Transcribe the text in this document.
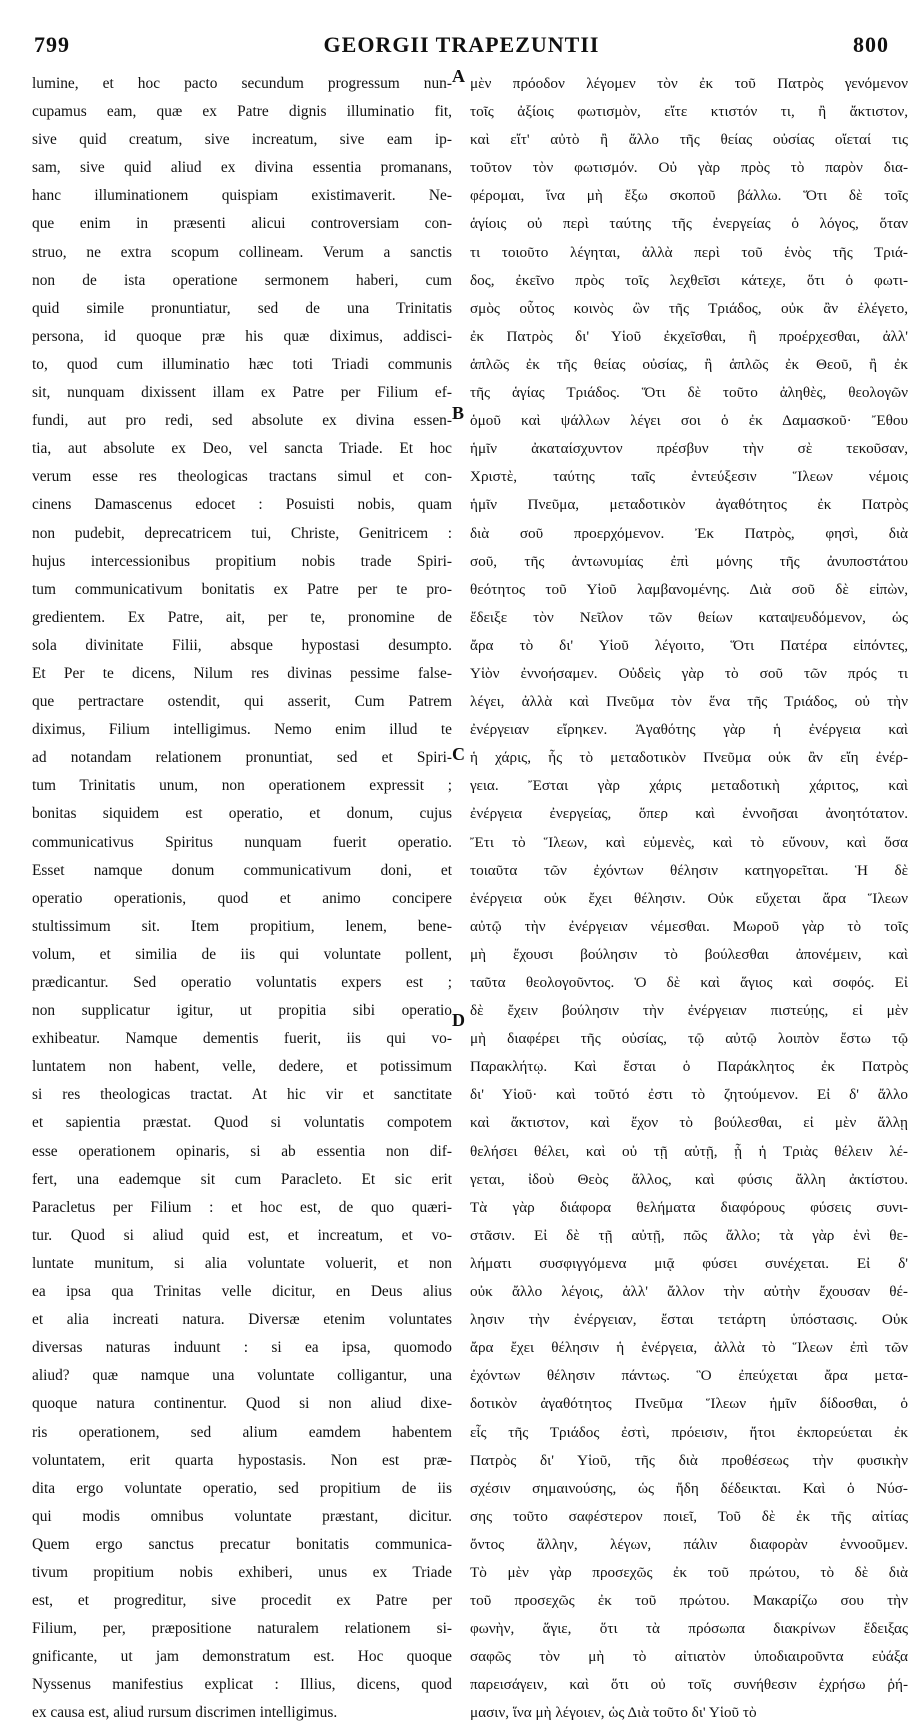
799	GEORGII TRAPEZUNTII	800
lumine, et hoc pacto secundum progressum nun-
cupamus eam, quæ ex Patre dignis illuminatio fit,
sive quid creatum, sive increatum, sive eam ip-
sam, sive quid aliud ex divina essentia promanans,
hanc illuminationem quispiam existimaverit. Ne-
que enim in præsenti alicui controversiam con-
struo, ne extra scopum collineam. Verum a sanctis
non de ista operatione sermonem haberi, cum
quid simile pronuntiatur, sed de una Trinitatis
persona, id quoque præ his quæ diximus, addisci-
to, quod cum illuminatio hæc toti Triadi communis
sit, nunquam dixissent illam ex Patre per Filium ef-
fundi, aut pro redi, sed absolute ex divina essen-
tia, aut absolute ex Deo, vel sancta Triade. Et hoc
verum esse res theologicas tractans simul et con-
cinens Damascenus edocet : Posuisti nobis, quam
non pudebit, deprecatricem tui, Christe, Genitricem :
hujus intercessionibus propitium nobis trade Spiri-
tum communicativum bonitatis ex Patre per te pro-
gredientem. Ex Patre, ait, per te, pronomine de
sola divinitate Filii, absque hypostasi desumpto.
Et Per te dicens, Nilum res divinas pessime false-
que pertractare ostendit, qui asserit, Cum Patrem
diximus, Filium intelligimus. Nemo enim illud te
ad notandam relationem pronuntiat, sed et Spiri-
tum Trinitatis unum, non operationem expressit ;
bonitas siquidem est operatio, et donum, cujus
communicativus Spiritus nunquam fuerit operatio.
Esset namque donum communicativum doni, et
operatio operationis, quod et animo concipere
stultissimum sit. Item propitium, lenem, bene-
volum, et similia de iis qui voluntate pollent,
prædicantur. Sed operatio voluntatis expers est ;
non supplicatur igitur, ut propitia sibi operatio
exhibeatur. Namque dementis fuerit, iis qui vo-
luntatem non habent, velle, dedere, et potissimum
si res theologicas tractat. At hic vir et sanctitate
et sapientia præstat. Quod si voluntatis compotem
esse operationem opinaris, si ab essentia non dif-
fert, una eademque sit cum Paracleto. Et sic erit
Paracletus per Filium : et hoc est, de quo quæri-
tur. Quod si aliud quid est, et increatum, et vo-
luntate munitum, si alia voluntate voluerit, et non
ea ipsa qua Trinitas velle dicitur, en Deus alius
et alia increati natura. Diversæ etenim voluntates
diversas naturas induunt : si ea ipsa, quomodo
aliud? quæ namque una voluntate colligantur, una
quoque natura continentur. Quod si non aliud dixe-
ris operationem, sed alium eamdem habentem
voluntatem, erit quarta hypostasis. Non est præ-
dita ergo voluntate operatio, sed propitium de iis
qui modis omnibus voluntate præstant, dicitur.
Quem ergo sanctus precatur bonitatis communica-
tivum propitium nobis exhiberi, unus ex Triade
est, et progreditur, sive procedit ex Patre per
Filium, per, præpositione naturalem relationem si-
gnificante, ut jam demonstratum est. Hoc quoque
Nyssenus manifestius explicat : Illius, dicens, quod
ex causa est, aliud rursum discrimen intelligimus.
A
B
C
D
μὲν πρόοδον λέγομεν τὸν ἐκ τοῦ Πατρὸς γενόμενον
τοῖς ἀξίοις φωτισμὸν, εἴτε κτιστόν τι, ἢ ἄκτιστον,
καὶ εἴτ' αὐτὸ ἢ ἄλλο τῆς θείας οὐσίας οἴεταί τις
τοῦτον τὸν φωτισμόν. Οὐ γὰρ πρὸς τὸ παρὸν δια-
φέρομαι, ἵνα μὴ ἔξω σκοποῦ βάλλω. Ὅτι δὲ τοῖς
ἁγίοις οὐ περὶ ταύτης τῆς ἐνεργείας ὁ λόγος, ὅταν
τι τοιοῦτο λέγηται, ἀλλὰ περὶ τοῦ ἑνὸς τῆς Τριά-
δος, ἐκεῖνο πρὸς τοῖς λεχθεῖσι κάτεχε, ὅτι ὁ φωτι-
σμὸς οὗτος κοινὸς ὢν τῆς Τριάδος, οὐκ ἂν ἐλέγετο,
ἐκ Πατρὸς δι' Υἱοῦ ἐκχεῖσθαι, ἢ προέρχεσθαι, ἀλλ'
ἁπλῶς ἐκ τῆς θείας οὐσίας, ἢ ἁπλῶς ἐκ Θεοῦ, ἢ ἐκ
τῆς ἁγίας Τριάδος. Ὅτι δὲ τοῦτο ἀληθὲς, θεολογῶν
ὁμοῦ καὶ ψάλλων λέγει σοι ὁ ἐκ Δαμασκοῦ· Ἔθου
ἡμῖν ἀκαταίσχυντον πρέσβυν τὴν σὲ τεκοῦσαν,
Χριστὲ, ταύτης ταῖς ἐντεύξεσιν Ἵλεων νέμοις
ἡμῖν Πνεῦμα, μεταδοτικὸν ἀγαθότητος ἐκ Πατρὸς
διὰ σοῦ προερχόμενον. Ἐκ Πατρὸς, φησὶ, διὰ
σοῦ, τῆς ἀντωνυμίας ἐπὶ μόνης τῆς ἀνυποστάτου
θεότητος τοῦ Υἱοῦ λαμβανομένης. Διὰ σοῦ δὲ εἰπὼν,
ἔδειξε τὸν Νεῖλον τῶν θείων καταψευδόμενον, ὡς
ἄρα τὸ δι' Υἱοῦ λέγοιτο, Ὅτι Πατέρα εἰπόντες,
Υἱὸν ἐννοήσαμεν. Οὐδεὶς γὰρ τὸ σοῦ τῶν πρός τι
λέγει, ἀλλὰ καὶ Πνεῦμα τὸν ἕνα τῆς Τριάδος, οὐ τὴν
ἐνέργειαν εἴρηκεν. Ἀγαθότης γὰρ ἡ ἐνέργεια καὶ
ἡ χάρις, ἧς τὸ μεταδοτικὸν Πνεῦμα οὐκ ἂν εἴη ἐνέρ-
γεια. Ἔσται γὰρ χάρις μεταδοτικὴ χάριτος, καὶ
ἐνέργεια ἐνεργείας, ὅπερ καὶ ἐννοῆσαι ἀνοητότατον.
Ἔτι τὸ Ἵλεων, καὶ εὐμενὲς, καὶ τὸ εὔνουν, καὶ ὅσα
τοιαῦτα τῶν ἐχόντων θέλησιν κατηγορεῖται. Ἡ δὲ
ἐνέργεια οὐκ ἔχει θέλησιν. Οὐκ εὔχεται ἄρα Ἵλεων
αὐτῷ τὴν ἐνέργειαν νέμεσθαι. Μωροῦ γὰρ τὸ τοῖς
μὴ ἔχουσι βούλησιν τὸ βούλεσθαι ἀπονέμειν, καὶ
ταῦτα θεολογοῦντος. Ὁ δὲ καὶ ἅγιος καὶ σοφός. Εἰ
δὲ ἔχειν βούλησιν τὴν ἐνέργειαν πιστεύῃς, εἰ μὲν
μὴ διαφέρει τῆς οὐσίας, τῷ αὐτῷ λοιπὸν ἔστω τῷ
Παρακλήτῳ. Καὶ ἔσται ὁ Παράκλητος ἐκ Πατρὸς
δι' Υἱοῦ· καὶ τοῦτό ἐστι τὸ ζητούμενον. Εἰ δ' ἄλλο
καὶ ἄκτιστον, καὶ ἔχον τὸ βούλεσθαι, εἰ μὲν ἄλλῃ
θελήσει θέλει, καὶ οὐ τῇ αὐτῇ, ᾗ ἡ Τριὰς θέλειν λέ-
γεται, ἰδοὺ Θεὸς ἄλλος, καὶ φύσις ἄλλη ἀκτίστου.
Τὰ γὰρ διάφορα θελήματα διαφόρους φύσεις συνι-
στᾶσιν. Εἰ δὲ τῇ αὐτῇ, πῶς ἄλλο; τὰ γὰρ ἑνὶ θε-
λήματι συσφιγγόμενα μιᾷ φύσει συνέχεται. Εἰ δ'
οὐκ ἄλλο λέγοις, ἀλλ' ἄλλον τὴν αὐτὴν ἔχουσαν θέ-
λησιν τὴν ἐνέργειαν, ἔσται τετάρτη ὑπόστασις. Οὐκ
ἄρα ἔχει θέλησιν ἡ ἐνέργεια, ἀλλὰ τὸ Ἵλεων ἐπὶ τῶν
ἐχόντων θέλησιν πάντως. Ὃ ἐπεύχεται ἄρα μετα-
δοτικὸν ἀγαθότητος Πνεῦμα Ἵλεων ἡμῖν δίδοσθαι, ὁ
εἷς τῆς Τριάδος ἐστὶ, πρόεισιν, ἤτοι ἐκπορεύεται ἐκ
Πατρὸς δι' Υἱοῦ, τῆς διὰ προθέσεως τὴν φυσικὴν
σχέσιν σημαινούσης, ὡς ἤδη δέδεικται. Καὶ ὁ Νύσ-
σης τοῦτο σαφέστερον ποιεῖ, Τοῦ δὲ ἐκ τῆς αἰτίας
ὄντος ἄλλην, λέγων, πάλιν διαφορὰν ἐννοοῦμεν.
Τὸ μὲν γὰρ προσεχῶς ἐκ τοῦ πρώτου, τὸ δὲ διὰ
τοῦ προσεχῶς ἐκ τοῦ πρώτου. Μακαρίζω σου τὴν
φωνὴν, ἅγιε, ὅτι τὰ πρόσωπα διακρίνων ἔδειξας
σαφῶς τὸν μὴ τὸ αἰτιατὸν ὑποδιαιροῦντα εὐάξα
παρεισάγειν, καὶ ὅτι οὐ τοῖς συνήθεσιν ἐχρήσω ῥή-
μασιν, ἵνα μὴ λέγοιεν, ὡς Διὰ τοῦτο δι' Υἱοῦ τὸ
